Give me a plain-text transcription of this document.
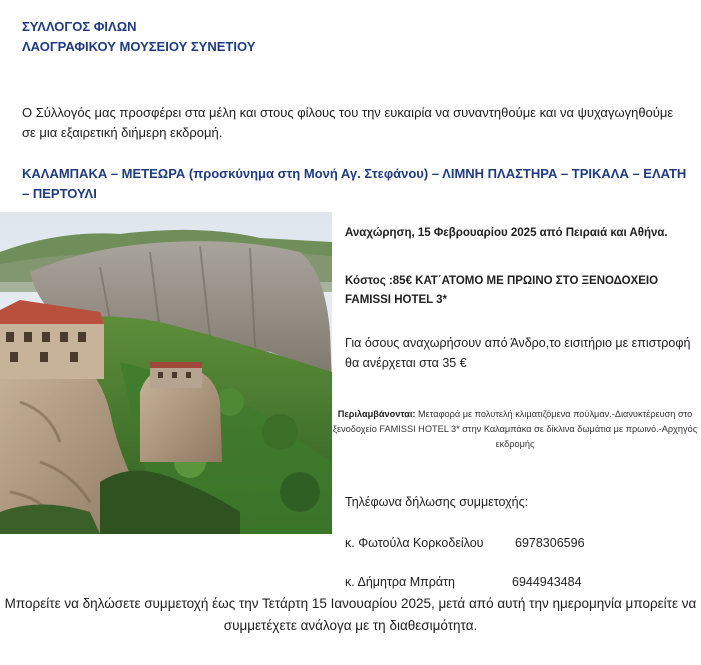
ΣΥΛΛΟΓΟΣ ΦΙΛΩΝ
ΛΑΟΓΡΑΦΙΚΟΥ ΜΟΥΣΕΙΟΥ ΣΥΝΕΤΙΟΥ
Ο Σύλλογός μας προσφέρει στα μέλη και στους φίλους του την ευκαιρία να συναντηθούμε και να ψυχαγωγηθούμε σε μια εξαιρετική διήμερη εκδρομή.
ΚΑΛΑΜΠΑΚΑ – ΜΕΤΕΩΡΑ (προσκύνημα στη Μονή Αγ. Στεφάνου) – ΛΙΜΝΗ ΠΛΑΣΤΗΡΑ – ΤΡΙΚΑΛΑ – ΕΛΑΤΗ – ΠΕΡΤΟΥΛΙ
Αναχώρηση, 15 Φεβρουαρίου 2025 από Πειραιά και Αθήνα.
Κόστος :85€ ΚΑΤ΄ΑΤΟΜΟ ΜΕ ΠΡΩΙΝΟ ΣΤΟ ΞΕΝΟΔΟΧΕΙΟ FAMISSI HOTEL 3*
Για όσους αναχωρήσουν από Άνδρο,το εισιτήριο με επιστροφή θα ανέρχεται στα 35 €
Περιλαμβάνονται: Μεταφορά με πολυτελή κλιματιζόμενα πούλμαν.-Διανυκτέρευση στο ξενοδοχείο FAMISSI HOTEL 3* στην Καλαμπάκα σε δίκλινα δωμάτια με πρωινό.-Αρχηγός εκδρομής
Τηλέφωνα δήλωσης συμμετοχής:
κ. Φωτούλα Κορκοδείλου	6978306596
κ. Δήμητρα Μπράτη	6944943484
Μπορείτε να δηλώσετε συμμετοχή έως την Τετάρτη 15 Ιανουαρίου 2025, μετά από αυτή την ημερομηνία μπορείτε να συμμετέχετε ανάλογα με τη διαθεσιμότητα.
